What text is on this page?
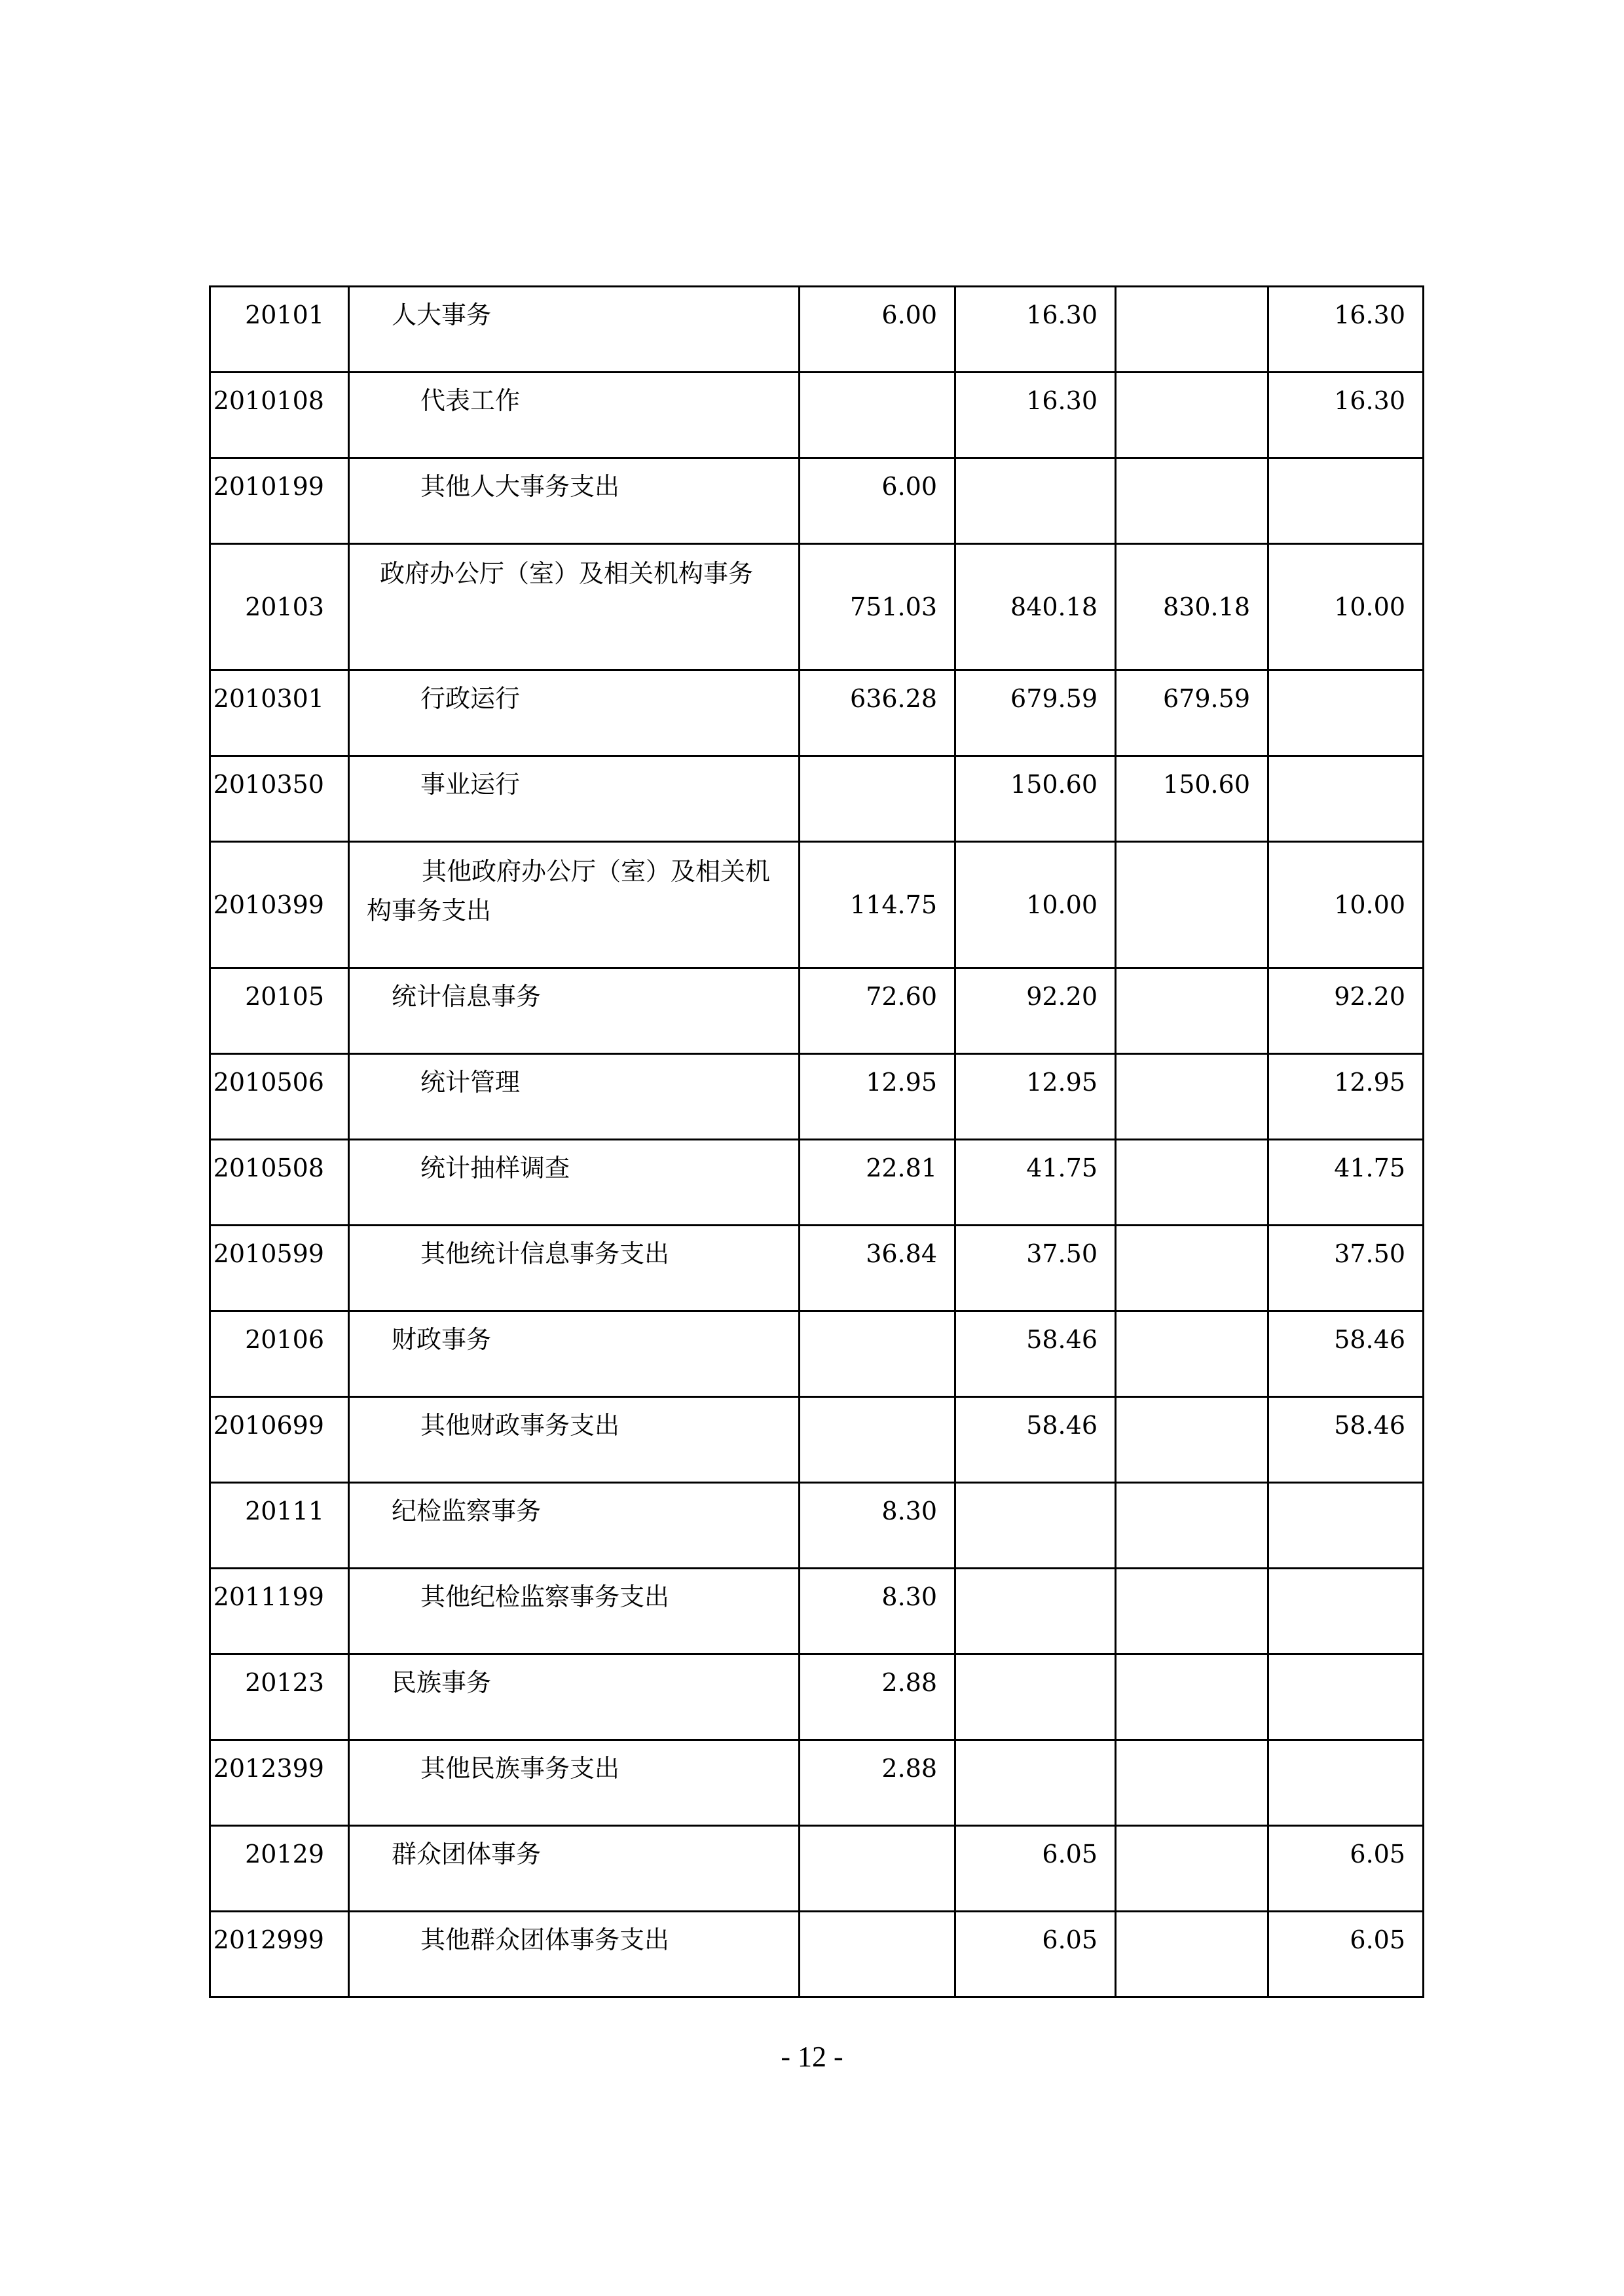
20101	人大事务	6.00	16.30		16.30
2010108	代表工作		16.30		16.30
2010199	其他人大事务支出	6.00			
20103	政府办公厅（室）及相关机构事务	751.03	840.18	830.18	10.00
2010301	行政运行	636.28	679.59	679.59	
2010350	事业运行		150.60	150.60	
2010399	其他政府办公厅（室）及相关机构事务支出	114.75	10.00		10.00
20105	统计信息事务	72.60	92.20		92.20
2010506	统计管理	12.95	12.95		12.95
2010508	统计抽样调查	22.81	41.75		41.75
2010599	其他统计信息事务支出	36.84	37.50		37.50
20106	财政事务		58.46		58.46
2010699	其他财政事务支出		58.46		58.46
20111	纪检监察事务	8.30			
2011199	其他纪检监察事务支出	8.30			
20123	民族事务	2.88			
2012399	其他民族事务支出	2.88			
20129	群众团体事务		6.05		6.05
2012999	其他群众团体事务支出		6.05		6.05
- 12 -
